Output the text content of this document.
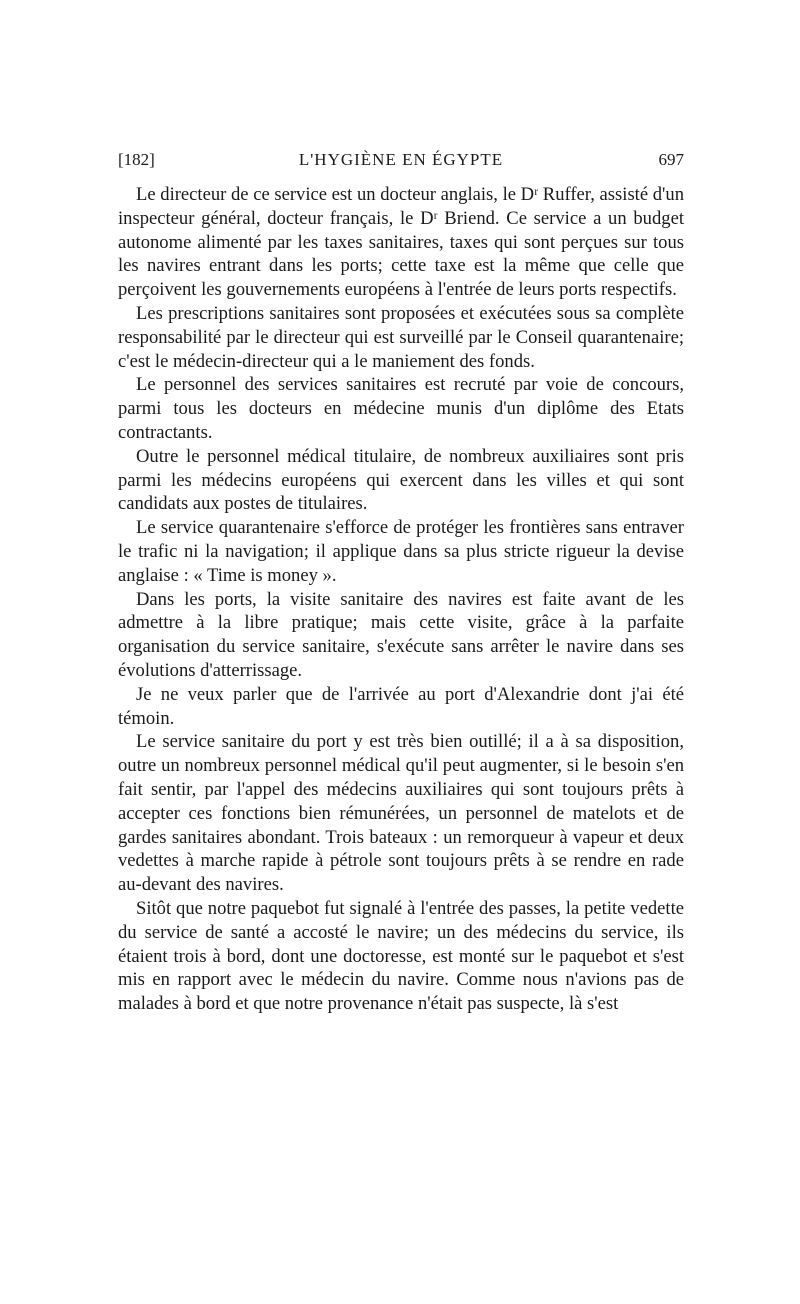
L'HYGIÈNE EN ÉGYPTE
[182]	697

Le directeur de ce service est un docteur anglais, le Dʳ Ruffer, assisté d'un inspecteur général, docteur français, le Dʳ Briend. Ce service a un budget autonome alimenté par les taxes sanitaires, taxes qui sont perçues sur tous les navires entrant dans les ports; cette taxe est la même que celle que perçoivent les gouvernements européens à l'entrée de leurs ports respectifs.

Les prescriptions sanitaires sont proposées et exécutées sous sa complète responsabilité par le directeur qui est surveillé par le Conseil quarantenaire; c'est le médecin-directeur qui a le maniement des fonds.

Le personnel des services sanitaires est recruté par voie de concours, parmi tous les docteurs en médecine munis d'un diplôme des Etats contractants.

Outre le personnel médical titulaire, de nombreux auxiliaires sont pris parmi les médecins européens qui exercent dans les villes et qui sont candidats aux postes de titulaires.

Le service quarantenaire s'efforce de protéger les frontières sans entraver le trafic ni la navigation; il applique dans sa plus stricte rigueur la devise anglaise : « Time is money ».

Dans les ports, la visite sanitaire des navires est faite avant de les admettre à la libre pratique; mais cette visite, grâce à la parfaite organisation du service sanitaire, s'exécute sans arrêter le navire dans ses évolutions d'atterrissage.

Je ne veux parler que de l'arrivée au port d'Alexandrie dont j'ai été témoin.

Le service sanitaire du port y est très bien outillé; il a à sa disposition, outre un nombreux personnel médical qu'il peut augmenter, si le besoin s'en fait sentir, par l'appel des médecins auxiliaires qui sont toujours prêts à accepter ces fonctions bien rémunérées, un personnel de matelots et de gardes sanitaires abondant. Trois bateaux : un remorqueur à vapeur et deux vedettes à marche rapide à pétrole sont toujours prêts à se rendre en rade au-devant des navires.

Sitôt que notre paquebot fut signalé à l'entrée des passes, la petite vedette du service de santé a accosté le navire; un des médecins du service, ils étaient trois à bord, dont une doctoresse, est monté sur le paquebot et s'est mis en rapport avec le médecin du navire. Comme nous n'avions pas de malades à bord et que notre provenance n'était pas suspecte, là s'est
